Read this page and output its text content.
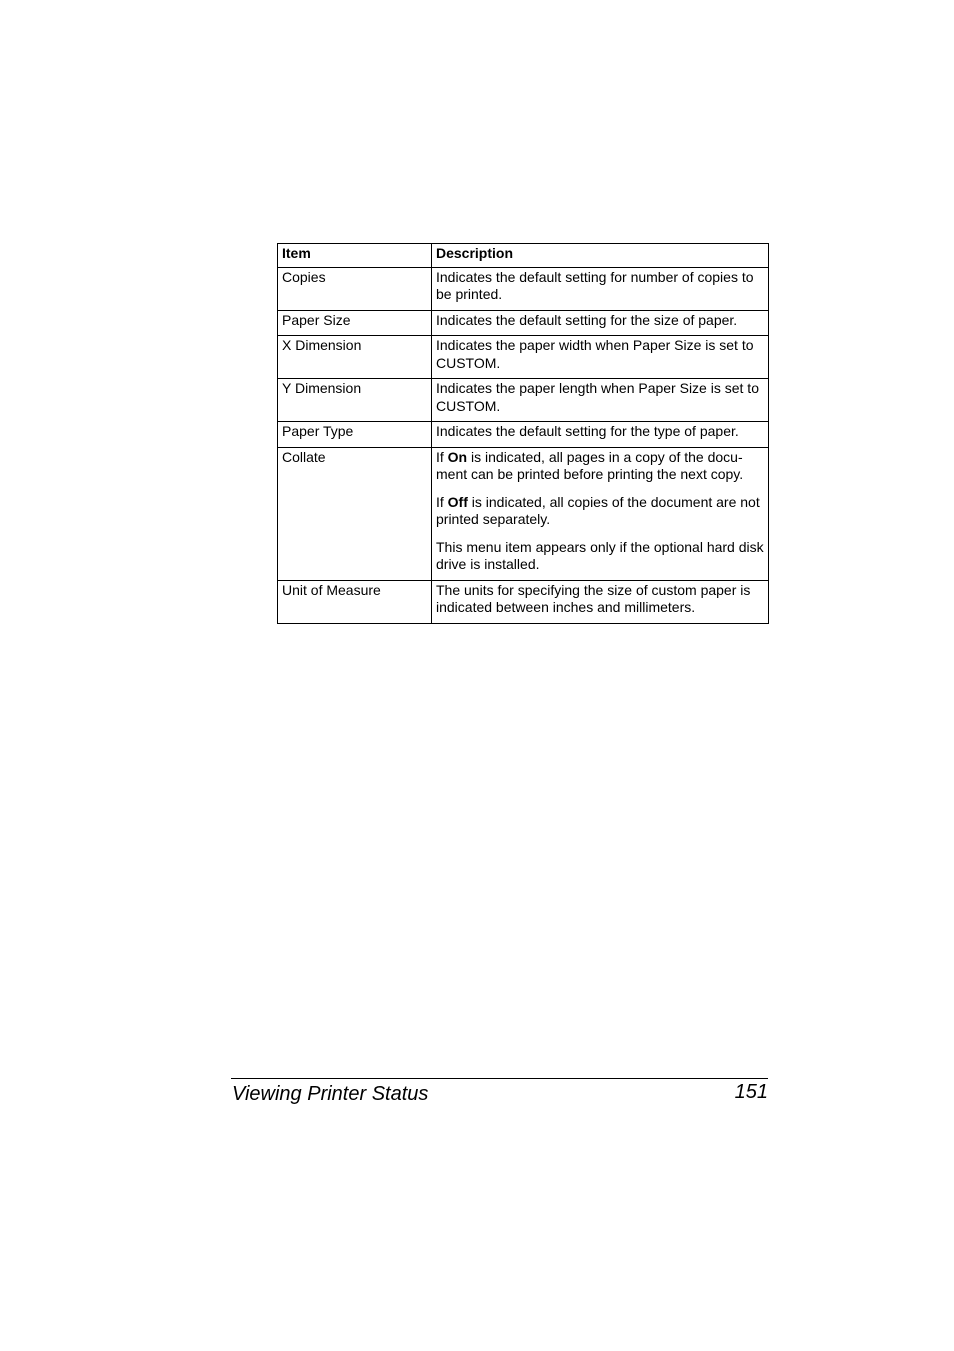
Item	Description
Copies	Indicates the default setting for number of copies to be printed.

Paper Size	Indicates the default setting for the size of paper.

X Dimension	Indicates the paper width when Paper Size is set to CUSTOM.

Y Dimension	Indicates the paper length when Paper Size is set to CUSTOM.

Paper Type	Indicates the default setting for the type of paper.

Collate	If On is indicated, all pages in a copy of the docu-ment can be printed before printing the next copy.
If Off is indicated, all copies of the document are not printed separately.
This menu item appears only if the optional hard disk drive is installed.

Unit of Measure	The units for specifying the size of custom paper is indicated between inches and millimeters.
Viewing Printer Status	151
